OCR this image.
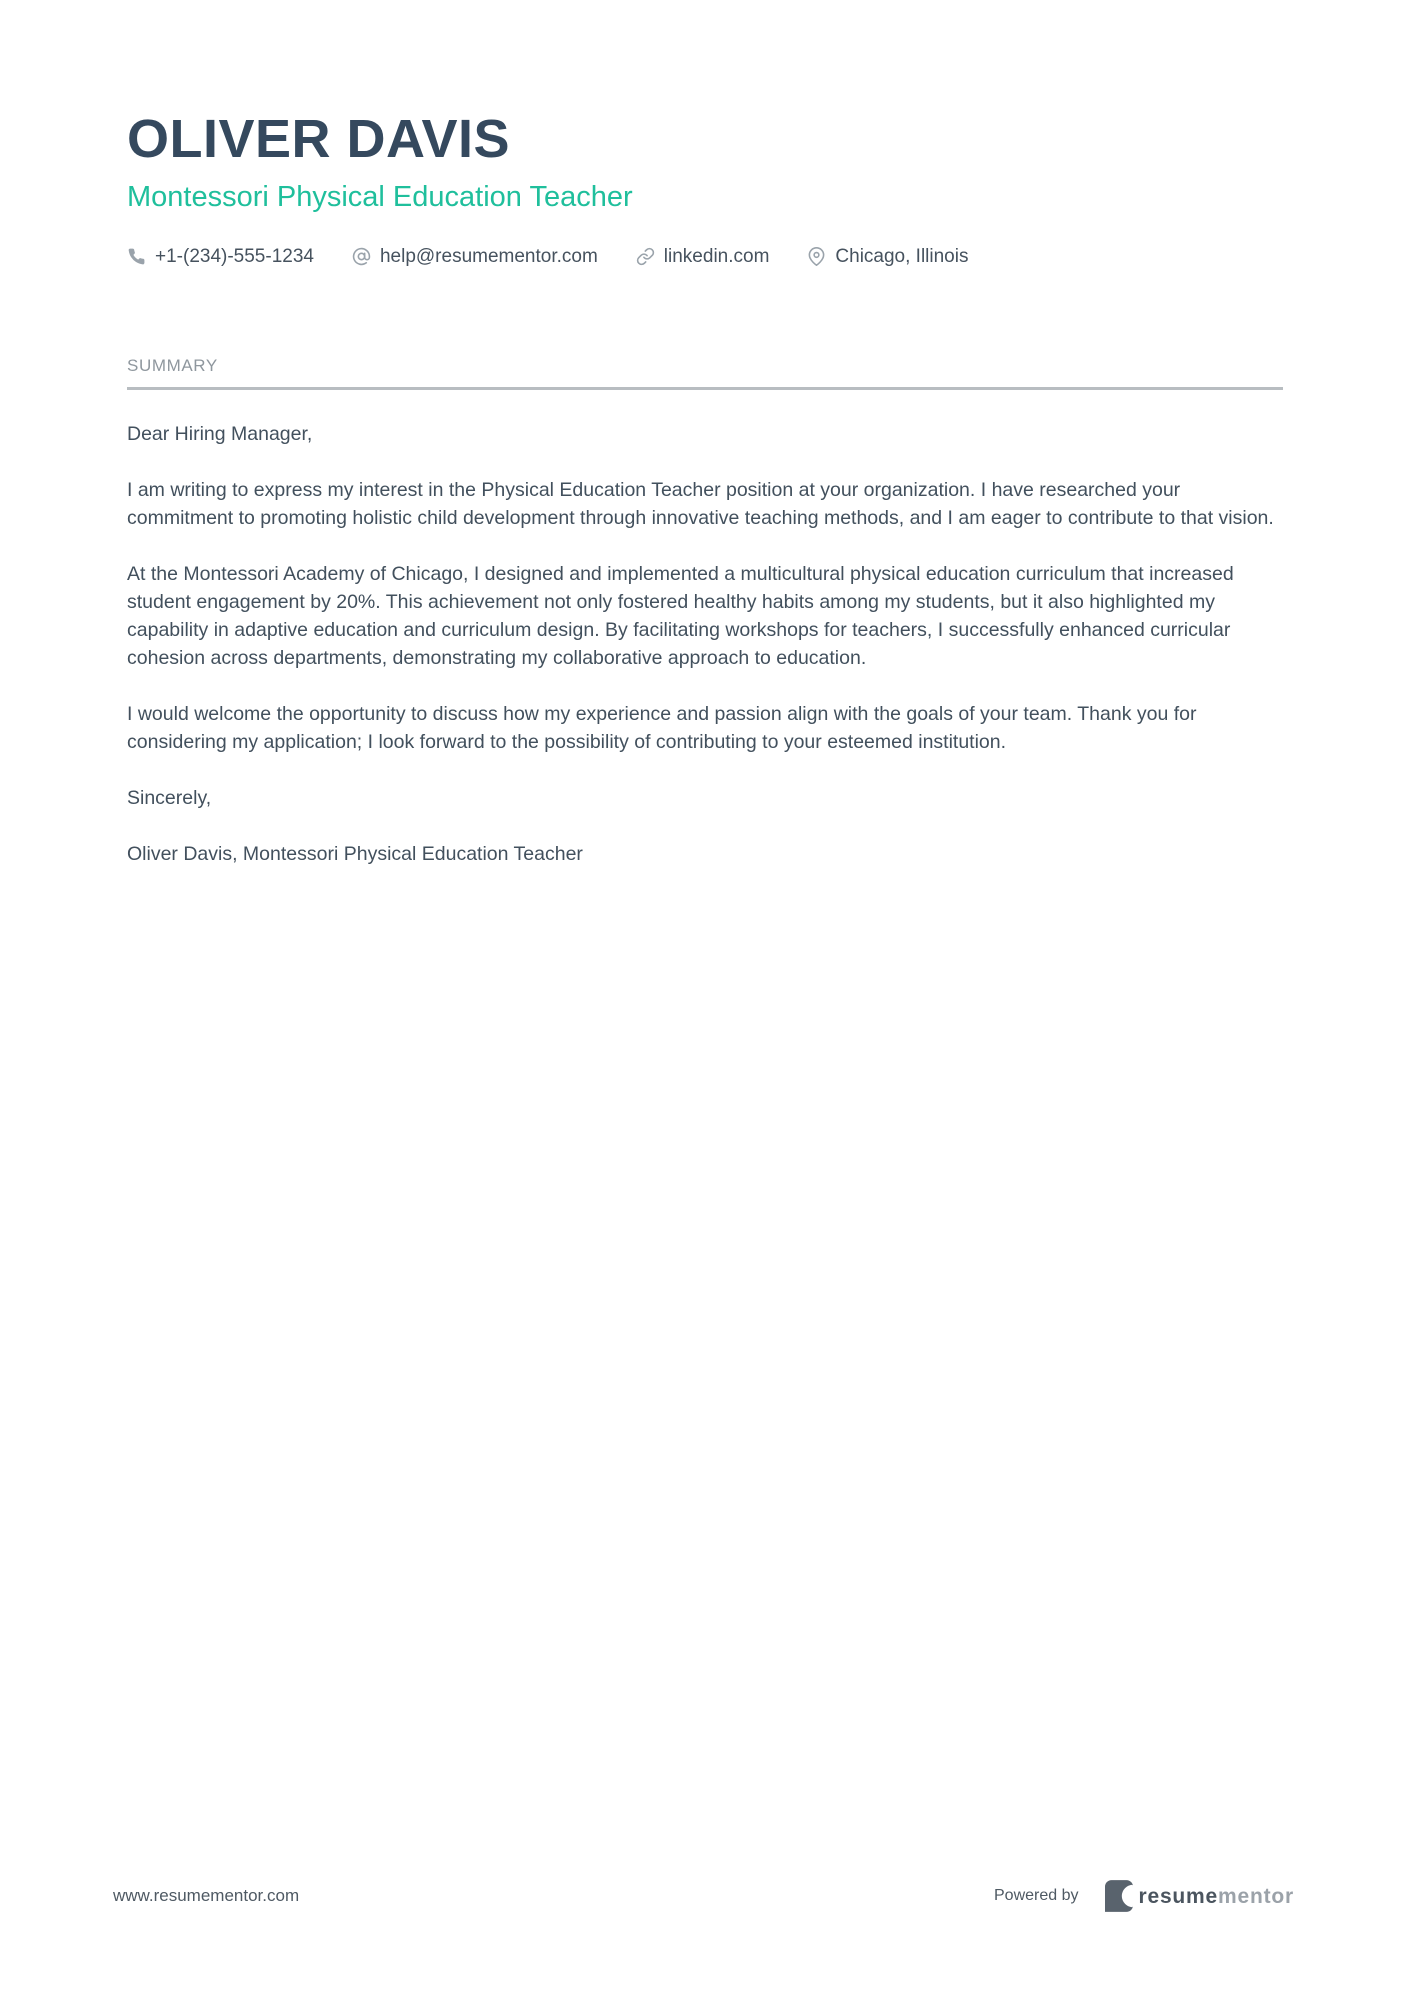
OLIVER DAVIS
Montessori Physical Education Teacher
+1-(234)-555-1234	help@resumementor.com	linkedin.com	Chicago, Illinois
SUMMARY

Dear Hiring Manager,

I am writing to express my interest in the Physical Education Teacher position at your organization. I have researched your commitment to promoting holistic child development through innovative teaching methods, and I am eager to contribute to that vision.

At the Montessori Academy of Chicago, I designed and implemented a multicultural physical education curriculum that increased student engagement by 20%. This achievement not only fostered healthy habits among my students, but it also highlighted my capability in adaptive education and curriculum design. By facilitating workshops for teachers, I successfully enhanced curricular cohesion across departments, demonstrating my collaborative approach to education.

I would welcome the opportunity to discuss how my experience and passion align with the goals of your team. Thank you for considering my application; I look forward to the possibility of contributing to your esteemed institution.

Sincerely,

Oliver Davis, Montessori Physical Education Teacher

www.resumementor.com	Powered by	resumementor
